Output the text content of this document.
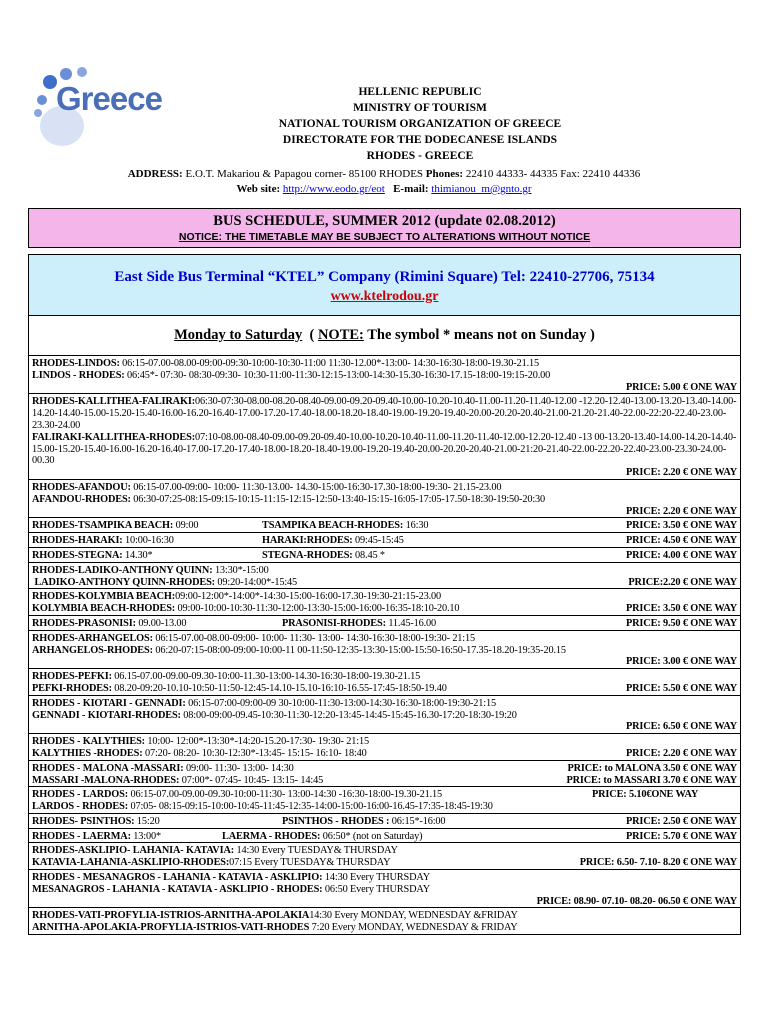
Greece	HELLENIC REPUBLIC
MINISTRY OF TOURISM
NATIONAL TOURISM ORGANIZATION OF GREECE
DIRECTORATE FOR THE DODECANESE ISLANDS
RHODES - GREECE
ADDRESS: E.O.T. Makariou & Papagou corner- 85100 RHODES Phones: 22410 44333- 44335 Fax: 22410 44336
Web site: http://www.eodo.gr/eot E-mail: thimianou_m@gnto.gr
BUS SCHEDULE, SUMMER 2012 (update 02.08.2012)
NOTICE: THE TIMETABLE MAY BE SUBJECT TO ALTERATIONS WITHOUT NOTICE
East Side Bus Terminal “KTEL” Company (Rimini Square) Tel: 22410-27706, 75134
www.ktelrodou.gr
Monday to Saturday ( NOTE: The symbol * means not on Sunday )
RHODES-LINDOS: 06:15-07.00-08.00-09:00-09:30-10:00-10:30-11:00 11:30-12.00*-13:00- 14:30-16:30-18:00-19.30-21.15
LINDOS - RHODES: 06:45*- 07:30- 08:30-09:30- 10:30-11:00-11:30-12:15-13:00-14:30-15.30-16:30-17.15-18:00-19:15-20.00
PRICE: 5.00 € ONE WAY
RHODES-KALLITHEA-FALIRAKI:06:30-07:30-08.00-08.20-08.40-09.00-09.20-09.40-10.00-10.20-10.40-11.00-11.20-11.40-12.00 -12.20-12.40-13.00-13.20-13.40-14.00-14.20-14.40-15.00-15.20-15.40-16.00-16.20-16.40-17.00-17.20-17.40-18.00-18.20-18.40-19.00-19.20-19.40-20.00-20.20-20.40-21.00-21.20-21.40-22.00-22:20-22.40-23.00-23.30-24.00
FALIRAKI-KALLITHEA-RHODES:07:10-08.00-08.40-09.00-09.20-09.40-10.00-10.20-10.40-11.00-11.20-11.40-12.00-12.20-12.40 -13 00-13.20-13.40-14.00-14.20-14.40-15.00-15.20-15.40-16.00-16.20-16.40-17.00-17.20-17.40-18.00-18.20-18.40-19.00-19.20-19.40-20.00-20.20-20.40-21.00-21:20-21.40-22.00-22.20-22.40-23.00-23.30-24.00-00.30
PRICE: 2.20 € ONE WAY
RHODES-AFANDOU: 06:15-07.00-09:00- 10:00- 11:30-13.00- 14.30-15:00-16:30-17.30-18:00-19:30- 21.15-23.00
AFANDOU-RHODES: 06:30-07:25-08:15-09:15-10:15-11:15-12:15-12:50-13:40-15:15-16:05-17:05-17.50-18:30-19:50-20:30
PRICE: 2.20 € ONE WAY
RHODES-TSAMPIKA BEACH: 09:00	TSAMPIKA BEACH-RHODES: 16:30	PRICE: 3.50 € ONE WAY
RHODES-HARAKI: 10:00-16:30	HARAKI:RHODES: 09:45-15:45	PRICE: 4.50 € ONE WAY
RHODES-STEGNA: 14.30*	STEGNA-RHODES: 08.45 *	PRICE: 4.00 € ONE WAY
RHODES-LADIKO-ANTHONY QUINN: 13:30*-15:00
LADIKO-ANTHONY QUINN-RHODES: 09:20-14:00*-15:45	PRICE:2.20 € ONE WAY
RHODES-KOLYMBIA BEACH:09:00-12:00*-14:00*-14:30-15:00-16:00-17.30-19:30-21:15-23.00
KOLYMBIA BEACH-RHODES: 09:00-10:00-10:30-11:30-12:00-13:30-15:00-16:00-16:35-18:10-20.10	PRICE: 3.50 € ONE WAY
RHODES-PRASONISI: 09.00-13.00	PRASONISI-RHODES: 11.45-16.00	PRICE: 9.50 € ONE WAY
RHODES-ARHANGELOS: 06:15-07.00-08.00-09:00- 10:00- 11:30- 13:00- 14:30-16:30-18:00-19:30- 21:15
ARHANGELOS-RHODES: 06:20-07:15-08:00-09:00-10:00-11 00-11:50-12:35-13:30-15:00-15:50-16:50-17.35-18.20-19:35-20.15
PRICE: 3.00 € ONE WAY
RHODES-PEFKI: 06.15-07.00-09.00-09.30-10:00-11.30-13:00-14.30-16:30-18:00-19.30-21.15
PEFKI-RHODES: 08.20-09:20-10.10-10:50-11:50-12:45-14.10-15.10-16:10-16.55-17:45-18:50-19.40	PRICE: 5.50 € ONE WAY
RHODES - KIOTARI - GENNADI: 06:15-07:00-09:00-09 30-10:00-11:30-13:00-14:30-16:30-18:00-19:30-21:15
GENNADI - KIOTARI-RHODES: 08:00-09:00-09.45-10:30-11:30-12:20-13:45-14:45-15:45-16.30-17:20-18:30-19:20
PRICE: 6.50 € ONE WAY
RHODES - KALYTHIES: 10:00- 12:00*-13:30*-14:20-15.20-17:30- 19:30- 21:15
KALYTHIES -RHODES: 07:20- 08:20- 10:30-12:30*-13:45- 15:15- 16:10- 18:40	PRICE: 2.20 € ONE WAY
RHODES - MALONA -MASSARI: 09:00- 11:30- 13:00- 14:30	PRICE: to MALONA 3.50 € ONE WAY
MASSARI -MALONA-RHODES: 07:00*- 07:45- 10:45- 13:15- 14:45	PRICE: to MASSARI 3.70 € ONE WAY
RHODES - LARDOS: 06:15-07.00-09.00-09.30-10:00-11:30- 13:00-14:30 -16:30-18:00-19.30-21.15	PRICE: 5.10€ONE WAY
LARDOS - RHODES: 07:05- 08:15-09:15-10:00-10:45-11:45-12:35-14:00-15:00-16:00-16.45-17:35-18:45-19:30
RHODES- PSINTHOS: 15:20	PSINTHOS - RHODES : 06:15*-16:00	PRICE: 2.50 € ONE WAY
RHODES - LAERMA: 13:00*	LAERMA - RHODES: 06:50* (not on Saturday)	PRICE: 5.70 € ONE WAY
RHODES-ASKLIPIO- LAHANIA- KATAVIA: 14:30 Every TUESDAY& THURSDAY
KATAVIA-LAHANIA-ASKLIPIO-RHODES:07:15 Every TUESDAY& THURSDAY	PRICE: 6.50- 7.10- 8.20 € ONE WAY
RHODES - MESANAGROS - LAHANIA - KATAVIA - ASKLIPIO: 14:30 Every THURSDAY
MESANAGROS - LAHANIA - KATAVIA - ASKLIPIO - RHODES: 06:50 Every THURSDAY
PRICE: 08.90- 07.10- 08.20- 06.50 € ONE WAY
RHODES-VATI-PROFYLIA-ISTRIOS-ARNITHA-APOLAKIA14:30 Every MONDAY, WEDNESDAY &FRIDAY
ARNITHA-APOLAKIA-PROFYLIA-ISTRIOS-VATI-RHODES 7:20 Every MONDAY, WEDNESDAY & FRIDAY
